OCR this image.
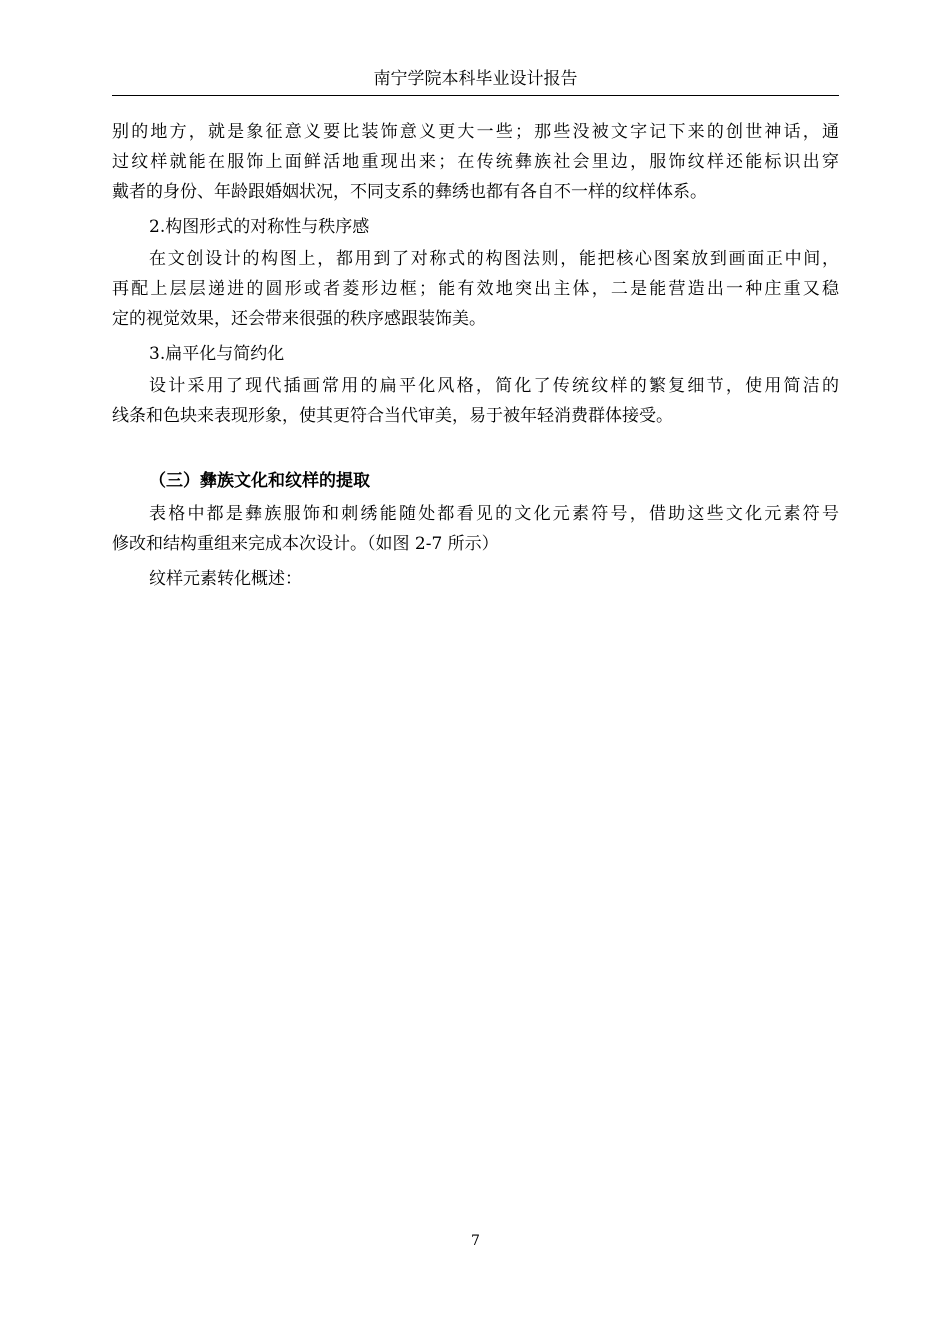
南宁学院本科毕业设计报告
别的地方，就是象征意义要比装饰意义更大一些；那些没被文字记下来的创世神话，通
过纹样就能在服饰上面鲜活地重现出来；在传统彝族社会里边，服饰纹样还能标识出穿
戴者的身份、年龄跟婚姻状况，不同支系的彝绣也都有各自不一样的纹样体系。
2.构图形式的对称性与秩序感
在文创设计的构图上，都用到了对称式的构图法则，能把核心图案放到画面正中间，
再配上层层递进的圆形或者菱形边框；能有效地突出主体，二是能营造出一种庄重又稳
定的视觉效果，还会带来很强的秩序感跟装饰美。
3.扁平化与简约化
设计采用了现代插画常用的扁平化风格，简化了传统纹样的繁复细节，使用简洁的
线条和色块来表现形象，使其更符合当代审美，易于被年轻消费群体接受。
（三）彝族文化和纹样的提取
表格中都是彝族服饰和刺绣能随处都看见的文化元素符号，借助这些文化元素符号
修改和结构重组来完成本次设计。（如图 2-7 所示）
纹样元素转化概述：
7
